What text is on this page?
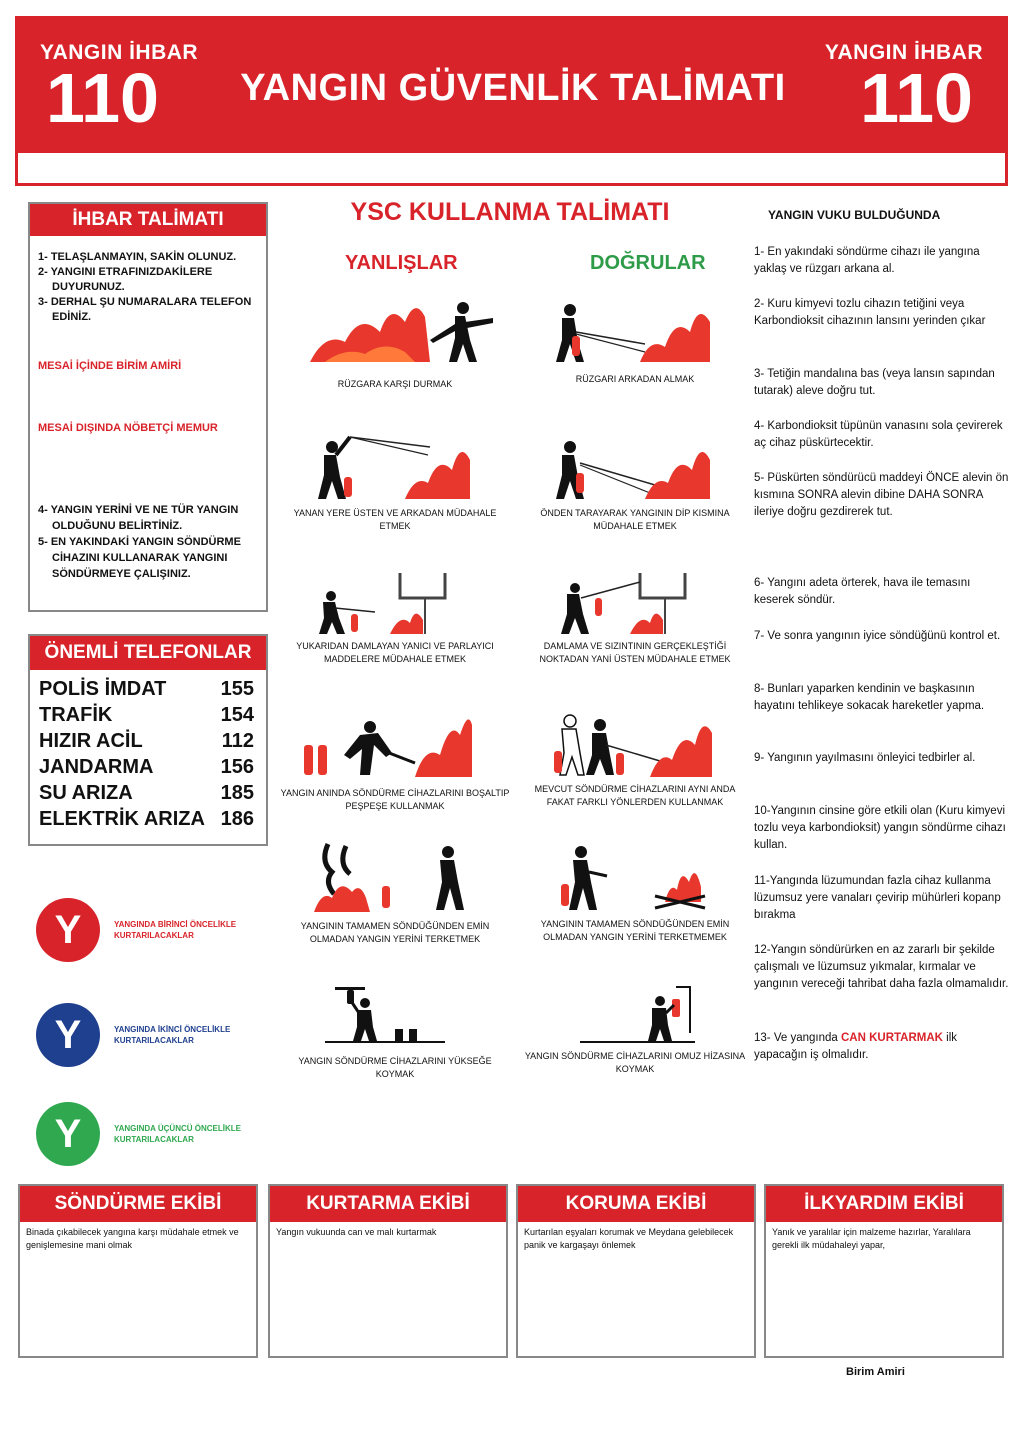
YANGIN İHBAR
110 YANGIN GÜVENLİK TALİMATI
YANGIN İHBAR
110
İHBAR TALİMATI
1- TELAŞLANMAYIN, SAKİN OLUNUZ.
2- YANGINI ETRAFINIZDAKİLERE DUYURUNUZ.
3- DERHAL ŞU NUMARALARA TELEFON EDİNİZ.
MESAİ İÇİNDE BİRİM AMİRİ
MESAİ DIŞINDA NÖBETÇİ MEMUR
4- YANGIN YERİNİ VE NE TÜR YANGIN OLDUĞUNU BELİRTİNİZ.
5- EN YAKINDAKİ YANGIN SÖNDÜRME CİHAZINI KULLANARAK YANGINI SÖNDÜRMEYE ÇALIŞINIZ.
ÖNEMLİ TELEFONLAR
POLİS İMDAT	155
TRAFİK	154
HIZIR ACİL	112
JANDARMA	156
SU ARIZA	185
ELEKTRİK ARIZA 186
Y	YANGINDA BİRİNCİ ÖNCELİKLE KURTARILACAKLAR
Y	YANGINDA İKİNCİ ÖNCELİKLE KURTARILACAKLAR
Y	YANGINDA ÜÇÜNCÜ ÖNCELİKLE KURTARILACAKLAR
YSC KULLANMA TALİMATI
YANLIŞLAR	DOĞRULAR
RÜZGARA KARŞI DURMAK	RÜZGARI ARKADAN ALMAK
YANAN YERE ÜSTEN VE ARKADAN MÜDAHALE ETMEK
ÖNDEN TARAYARAK YANGININ DİP KISMINA MÜDAHALE ETMEK
YUKARIDAN DAMLAYAN YANICI VE PARLAYICI MADDELERE MÜDAHALE ETMEK
DAMLAMA VE SIZINTININ GERÇEKLEŞTİĞİ NOKTADAN YANİ ÜSTEN MÜDAHALE ETMEK
YANGIN ANINDA SÖNDÜRME CİHAZLARINI BOŞALTIP PEŞPEŞE KULLANMAK
MEVCUT SÖNDÜRME CİHAZLARINI AYNI ANDA FAKAT FARKLI YÖNLERDEN KULLANMAK
YANGININ TAMAMEN SÖNDÜĞÜNDEN EMİN OLMADAN YANGIN YERİNİ TERKETMEK
YANGININ TAMAMEN SÖNDÜĞÜNDEN EMİN OLMADAN YANGIN YERİNİ TERKETMEMEK
YANGIN SÖNDÜRME CİHAZLARINI YÜKSEĞE KOYMAK
YANGIN SÖNDÜRME CİHAZLARINI OMUZ HİZASINA KOYMAK
YANGIN VUKU BULDUĞUNDA
1- En yakındaki söndürme cihazı ile yangına yaklaş ve rüzgarı arkana al.
2- Kuru kimyevi tozlu cihazın tetiğini veya Karbondioksit cihazının lansını yerinden çıkar
3- Tetiğin mandalına bas (veya lansın sapından tutarak) aleve doğru tut.
4- Karbondioksit tüpünün vanasını sola çevirerek aç cihaz püskürtecektir.
5- Püskürten söndürücü maddeyi ÖNCE alevin ön kısmına SONRA alevin dibine DAHA SONRA ileriye doğru gezdirerek tut.
6- Yangını adeta örterek, hava ile temasını keserek söndür.
7- Ve sonra yangının iyice söndüğünü kontrol et.
8- Bunları yaparken kendinin ve başkasının hayatını tehlikeye sokacak hareketler yapma.
9- Yangının yayılmasını önleyici tedbirler al.
10-Yangının cinsine göre etkili olan (Kuru kimyevi tozlu veya karbondioksit) yangın söndürme cihazı kullan.
11-Yangında lüzumundan fazla cihaz kullanma lüzumsuz yere vanaları çevirip mühürleri kopanp bırakma
12-Yangın söndürürken en az zararlı bir şekilde çalışmalı ve lüzumsuz yıkmalar, kırmalar ve yangının vereceği tahribat daha fazla olmamalıdır.
13- Ve yangında CAN KURTARMAK ilk yapacağın iş olmalıdır.
SÖNDÜRME EKİBİ
Binada çıkabilecek yangına karşı müdahale etmek ve genişlemesine mani olmak
KURTARMA EKİBİ
Yangın vukuunda can ve malı kurtarmak
KORUMA EKİBİ
Kurtarılan eşyaları korumak ve Meydana gelebilecek panik ve kargaşayı önlemek
İLKYARDIM EKİBİ
Yanık ve yaralılar için malzeme hazırlar, Yaralılara gerekli ilk müdahaleyi yapar,
Birim Amiri
